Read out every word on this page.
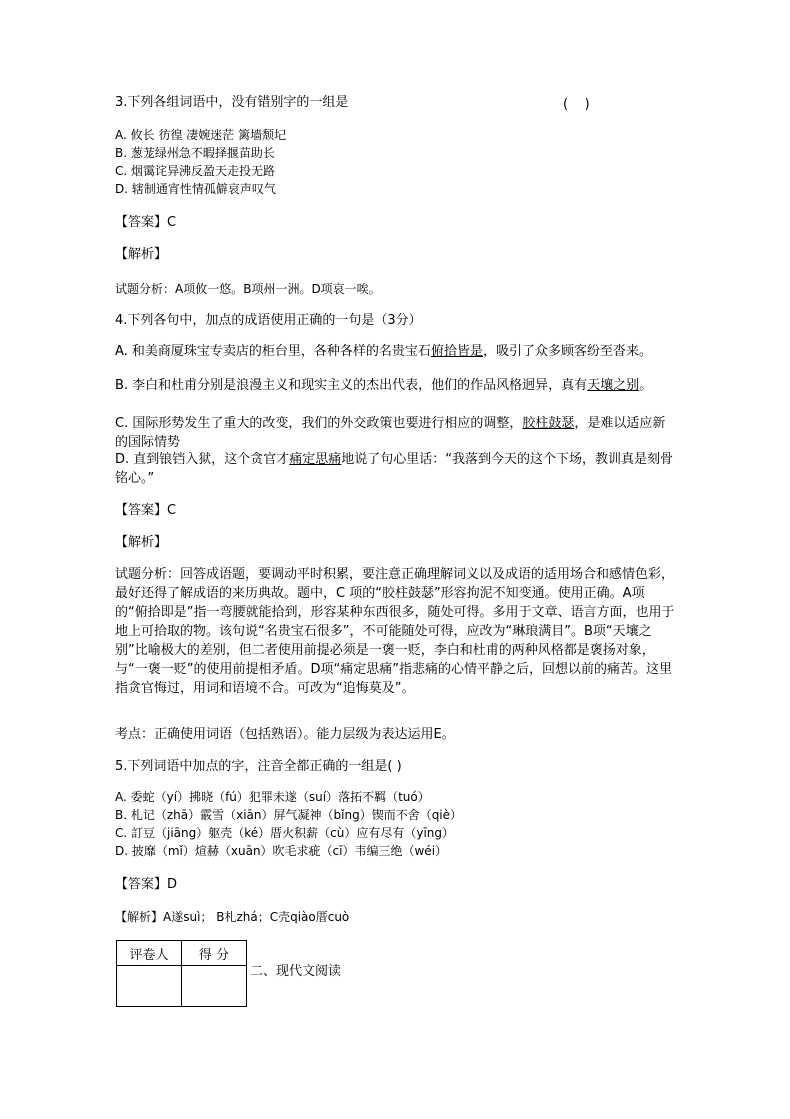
3.下列各组词语中，没有错别字的一组是	(    )
A. 攸长 彷徨 凄婉迷茫 篱墙颓圮
B. 葱茏绿州急不暇择揠苗助长
C. 烟霭诧异沸反盈天走投无路
D. 辖制通宵性情孤僻哀声叹气
【答案】C
【解析】
试题分析：A项攸一悠。B项州一洲。D项哀一唉。
4.下列各句中，加点的成语使用正确的一句是（3分）
A. 和美商厦珠宝专卖店的柜台里，各种各样的名贵宝石俯拾皆是，吸引了众多顾客纷至沓来。
B. 李白和杜甫分别是浪漫主义和现实主义的杰出代表，他们的作品风格迥异，真有天壤之别。
C. 国际形势发生了重大的改变，我们的外交政策也要进行相应的调整，胶柱鼓瑟，是难以适应新的国际情势
D. 直到锒铛入狱，这个贪官才痛定思痛地说了句心里话：“我落到今天的这个下场，教训真是刻骨铭心。”
【答案】C
【解析】
试题分析：回答成语题，要调动平时积累，要注意正确理解词义以及成语的适用场合和感情色彩，最好还得了解成语的来历典故。题中，C 项的“胶柱鼓瑟”形容拘泥不知变通。使用正确。A项的“俯拾即是”指一弯腰就能拾到，形容某种东西很多，随处可得。多用于文章、语言方面，也用于地上可拾取的物。该句说“名贵宝石很多”，不可能随处可得，应改为“琳琅满目”。B项“天壤之别”比喻极大的差别，但二者使用前提必须是一褒一贬，李白和杜甫的两种风格都是褒扬对象，与“一褒一贬”的使用前提相矛盾。D项“痛定思痛”指悲痛的心情平静之后，回想以前的痛苦。这里指贪官悔过，用词和语境不合。可改为“追悔莫及”。
考点：正确使用词语（包括熟语）。能力层级为表达运用E。
5.下列词语中加点的字，注音全都正确的一组是( )
A. 委蛇（yí）拂晓（fú）犯罪未遂（suí）落拓不羁（tuó）
B. 札记（zhā）霰雪（xiān）屏气凝神（bǐng）锲而不舍（qiè）
C. 訂豆（jiāng）躯壳（ké）厝火积薪（cù）应有尽有（yīng）
D. 披靡（mǐ）煊赫（xuān）吹毛求疵（cī）韦编三绝（wéi）
【答案】D
【解析】A遂suì； B札zhá；C壳qiào厝cuò
评卷人	得 分

二、现代文阅读
